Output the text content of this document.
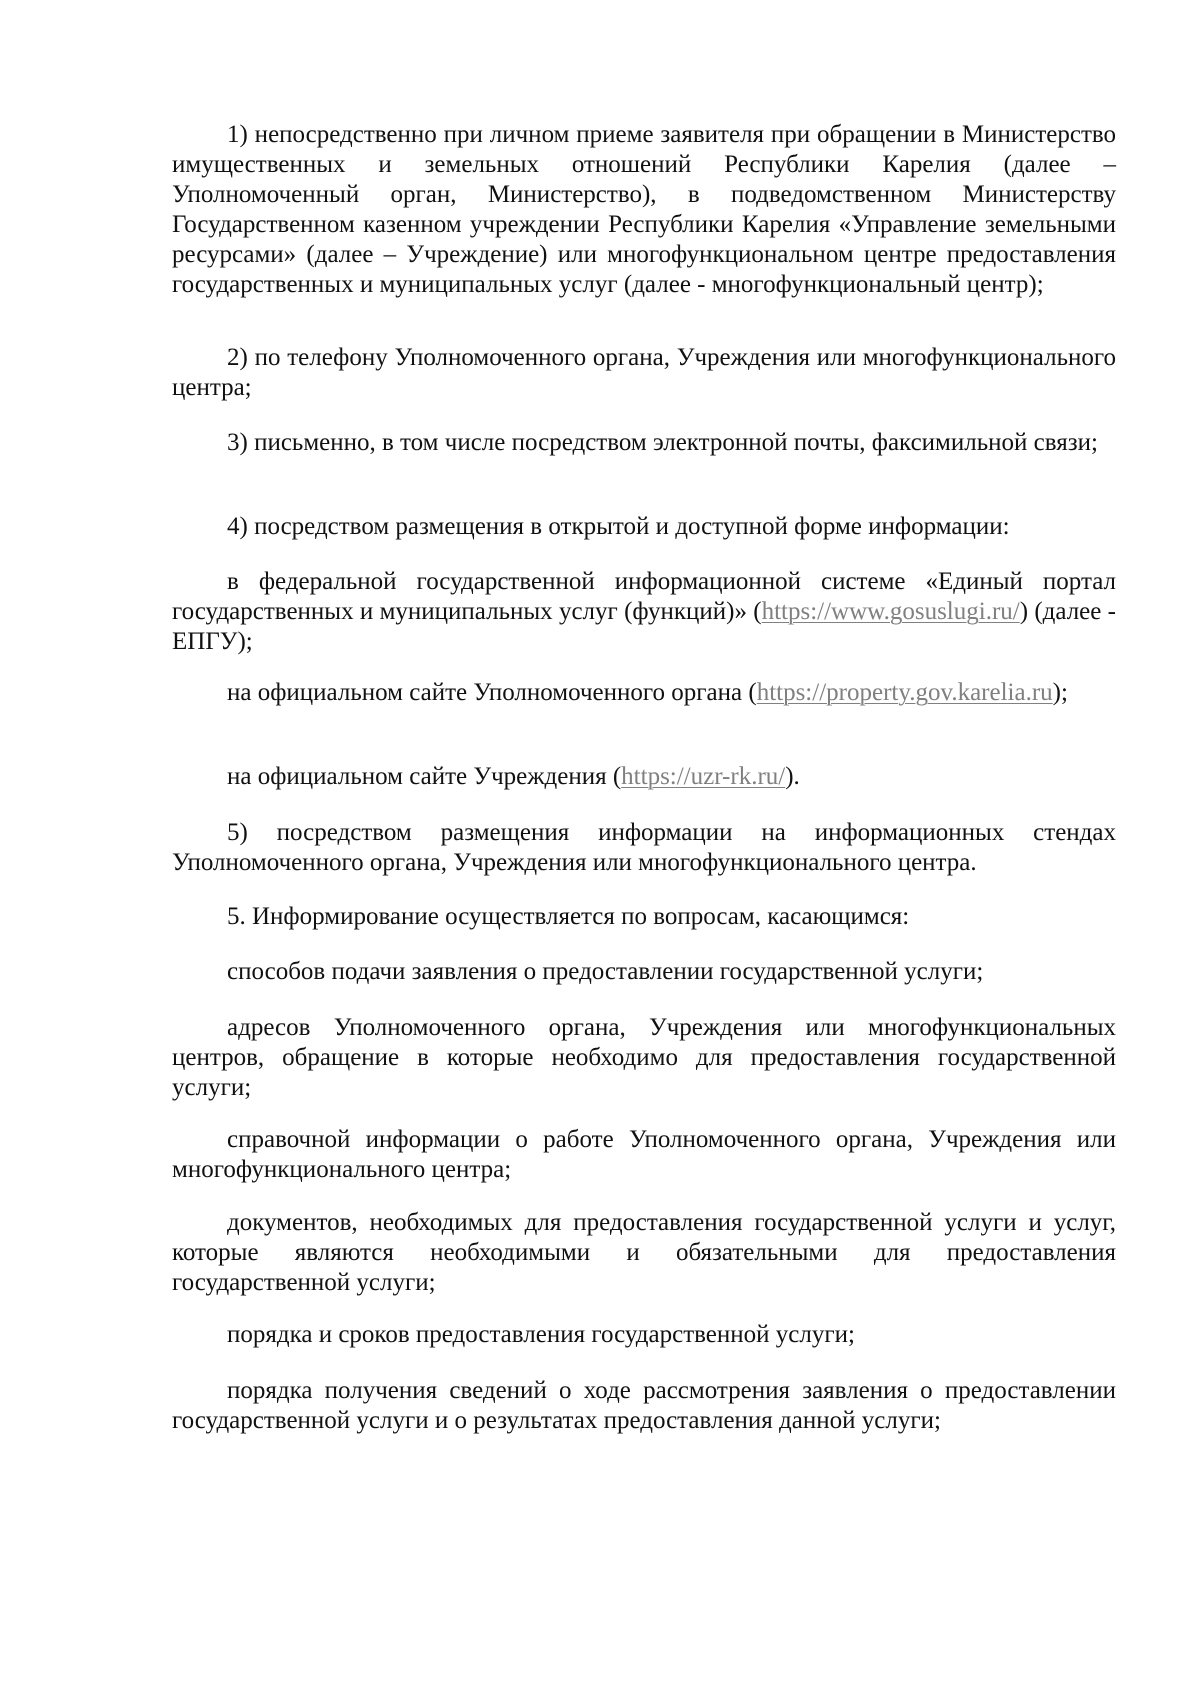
1) непосредственно при личном приеме заявителя при обращении в Министерство имущественных и земельных отношений Республики Карелия (далее – Уполномоченный орган, Министерство), в подведомственном Министерству Государственном казенном учреждении Республики Карелия «Управление земельными ресурсами» (далее – Учреждение) или многофункциональном центре предоставления государственных и муниципальных услуг (далее - многофункциональный центр);

2) по телефону Уполномоченного органа, Учреждения или многофункционального центра;

3) письменно, в том числе посредством электронной почты, факсимильной связи;

4) посредством размещения в открытой и доступной форме информации:

в федеральной государственной информационной системе «Единый портал государственных и муниципальных услуг (функций)» (https://www.gosuslugi.ru/) (далее - ЕПГУ);

на официальном сайте Уполномоченного органа (https://property.gov.karelia.ru);

на официальном сайте Учреждения (https://uzr-rk.ru/).

5) посредством размещения информации на информационных стендах Уполномоченного органа, Учреждения или многофункционального центра.

5. Информирование осуществляется по вопросам, касающимся:

способов подачи заявления о предоставлении государственной услуги;

адресов Уполномоченного органа, Учреждения или многофункциональных центров, обращение в которые необходимо для предоставления государственной услуги;

справочной информации о работе Уполномоченного органа, Учреждения или многофункционального центра;

документов, необходимых для предоставления государственной услуги и услуг, которые являются необходимыми и обязательными для предоставления государственной услуги;

порядка и сроков предоставления государственной услуги;

порядка получения сведений о ходе рассмотрения заявления о предоставлении государственной услуги и о результатах предоставления данной услуги;
